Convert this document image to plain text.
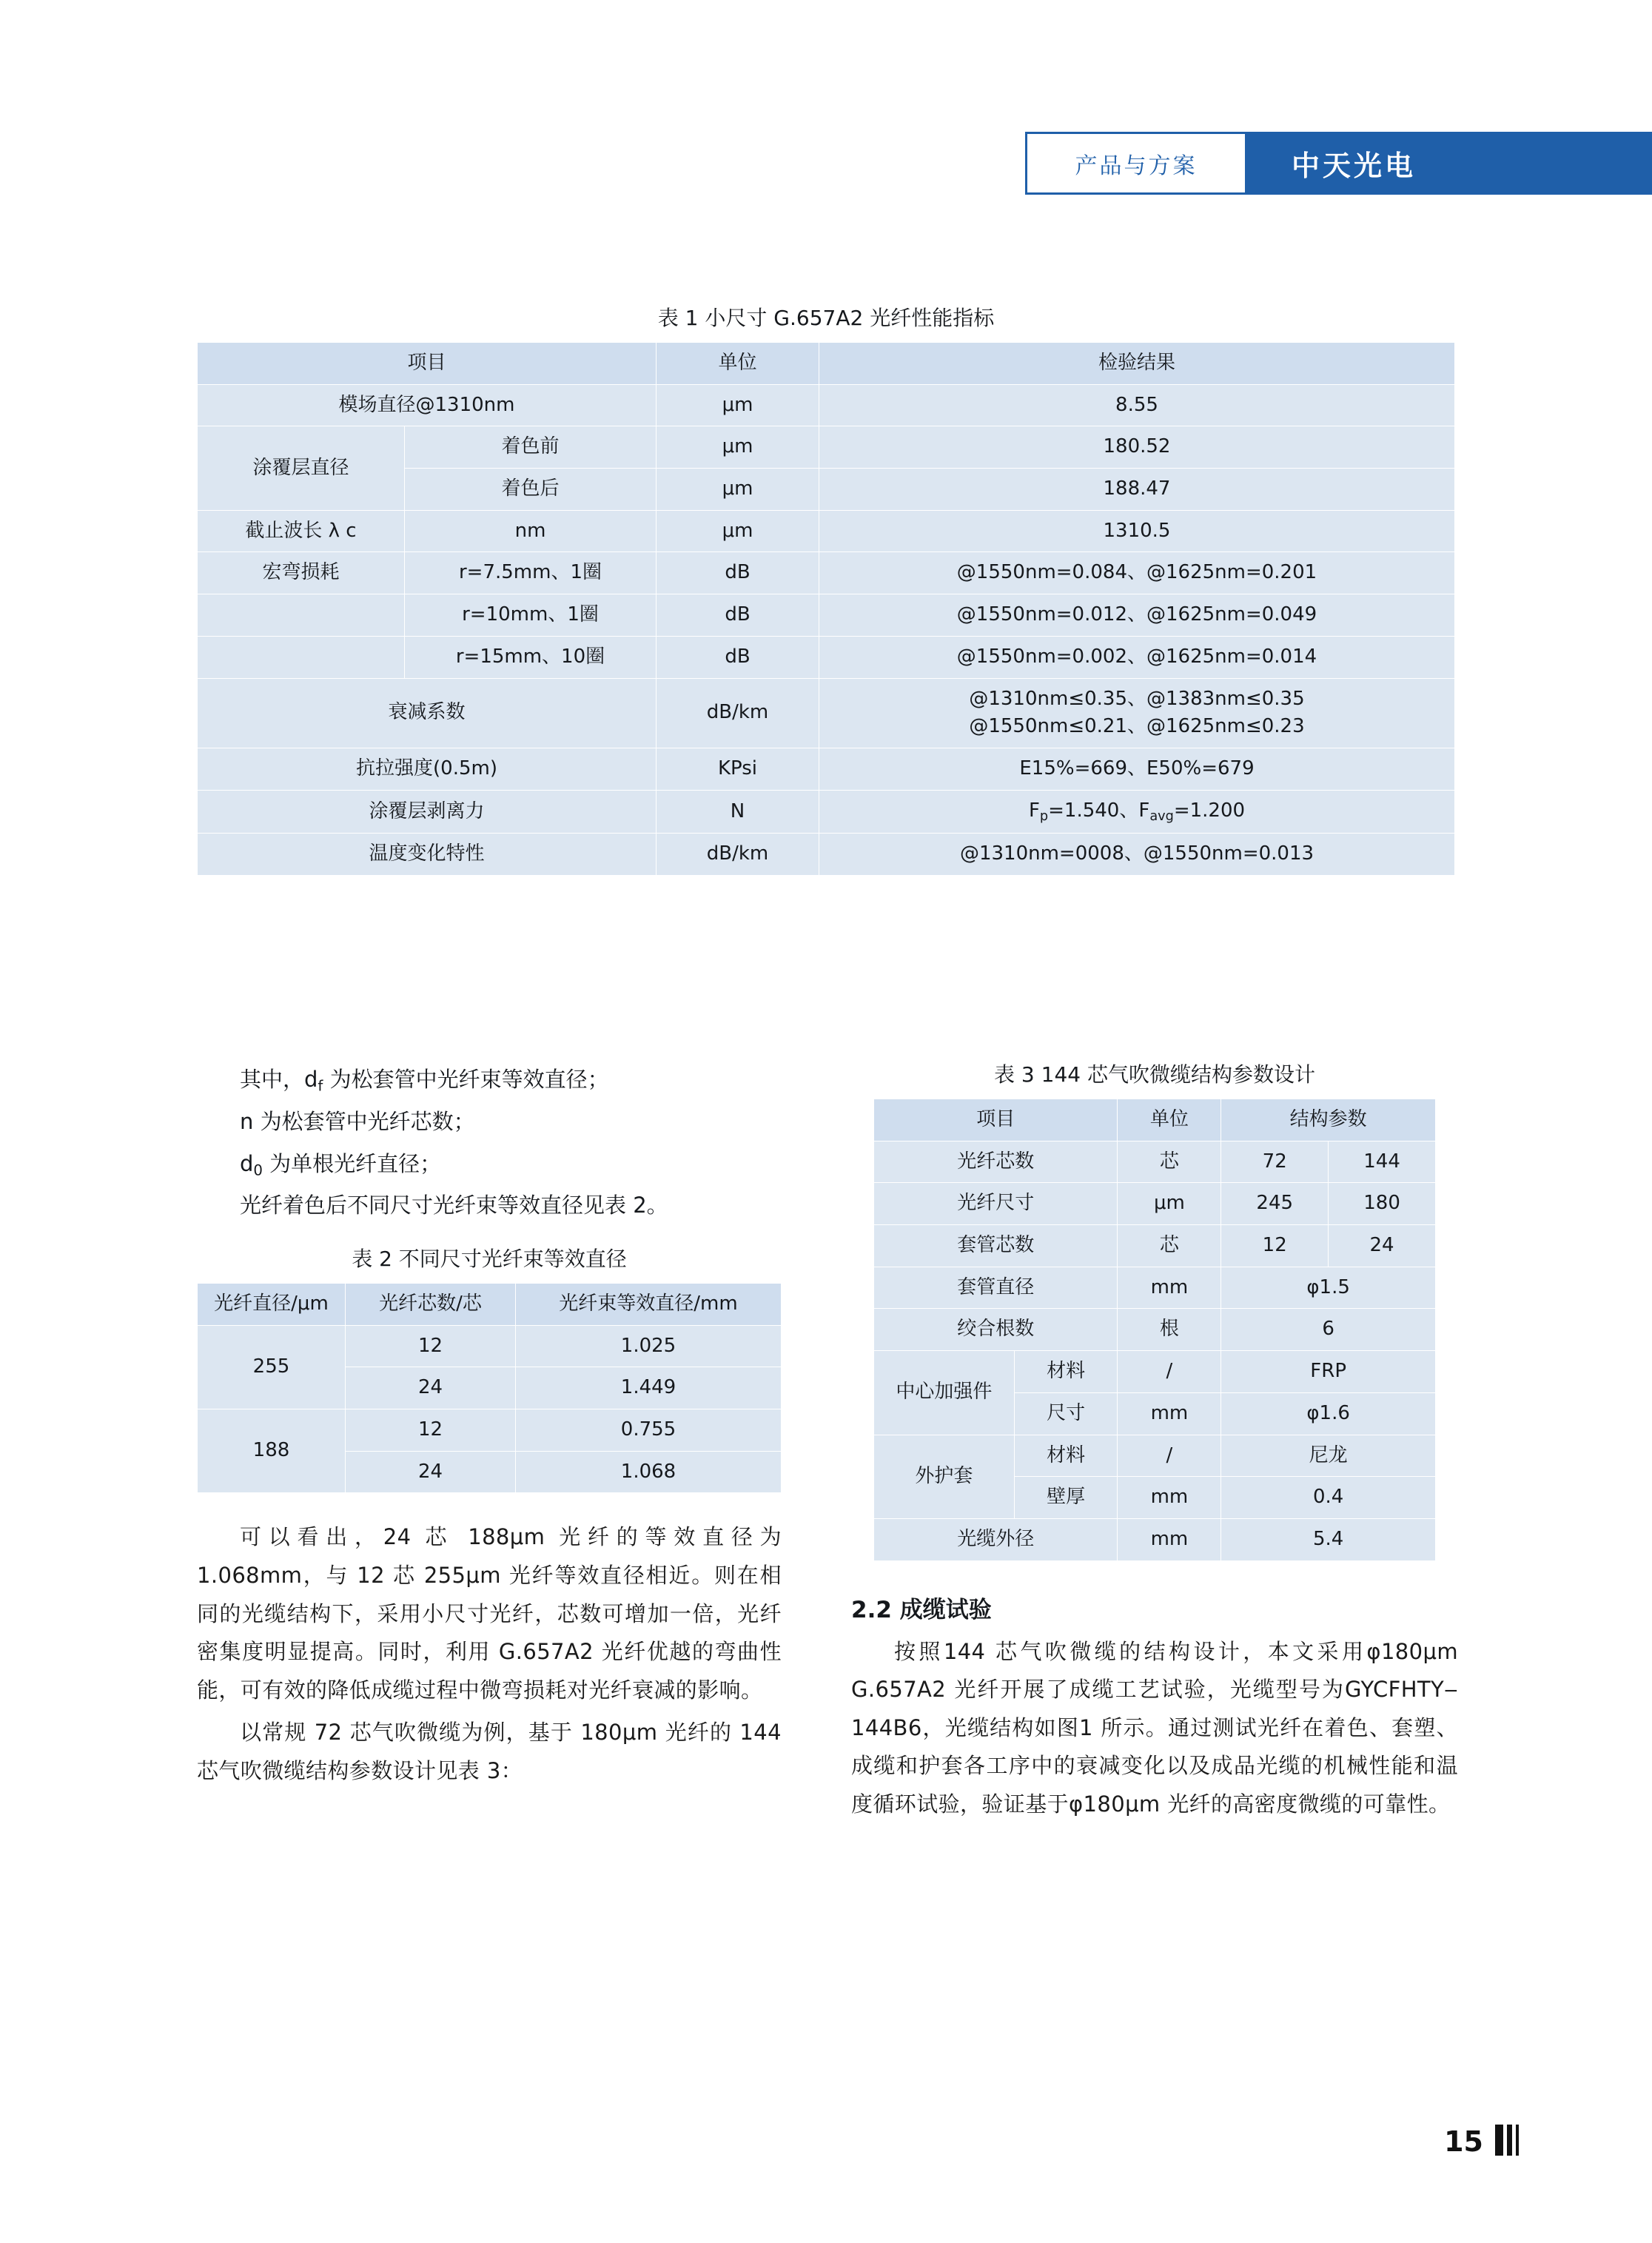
产品与方案	中天光电
表 1 小尺寸 G.657A2 光纤性能指标
项目		单位	检验结果
模场直径@1310nm		μm	8.55
涂覆层直径	着色前	μm	180.52
	着色后	μm	188.47
截止波长 λ c	nm	μm	1310.5
宏弯损耗	r=7.5mm、1圈	dB	@1550nm=0.084、@1625nm=0.201
	r=10mm、1圈	dB	@1550nm=0.012、@1625nm=0.049
	r=15mm、10圈	dB	@1550nm=0.002、@1625nm=0.014
衰减系数		dB/km	@1310nm≤0.35、@1383nm≤0.35
@1550nm≤0.21、@1625nm≤0.23

抗拉强度(0.5m)		KPsi	E15%=669、E50%=679
涂覆层剥离力		N	$F_p=1.540$、$F_{avg}=1.200$
温度变化特性		dB/km	@1310nm=0008、@1550nm=0.013
其中，$d_f$ 为松套管中光纤束等效直径；
n 为松套管中光纤芯数；
$d_0$ 为单根光纤直径；
光纤着色后不同尺寸光纤束等效直径见表 2。
表 2 不同尺寸光纤束等效直径
光纤直径/μm	光纤芯数/芯	光纤束等效直径/mm
255	12	1.025
	24	1.449
188	12	0.755
	24	1.068

可以看出，24 芯 188μm 光纤的等效直径为 1.068mm，与 12 芯 255μm 光纤等效直径相近。则在相同的光缆结构下，采用小尺寸光纤，芯数可增加一倍，光纤密集度明显提高。同时，利用 G.657A2 光纤优越的弯曲性能，可有效的降低成缆过程中微弯损耗对光纤衰减的影响。

以常规 72 芯气吹微缆为例，基于 180μm 光纤的 144 芯气吹微缆结构参数设计见表 3：

表 3 144 芯气吹微缆结构参数设计
项目		单位	结构参数	
光纤芯数		芯	72	144
光纤尺寸		μm	245	180
套管芯数		芯	12	24
套管直径		mm	φ1.5	
绞合根数		根	6	
中心加强件	材料	/	FRP	
	尺寸	mm	φ1.6	
外护套	材料	/	尼龙	
	壁厚	mm	0.4	
光缆外径		mm	5.4	
2.2 成缆试验

按照144 芯气吹微缆的结构设计，本文采用φ180μm G.657A2 光纤开展了成缆工艺试验，光缆型号为GYCFHTY‒144B6，光缆结构如图1 所示。通过测试光纤在着色、套塑、成缆和护套各工序中的衰减变化以及成品光缆的机械性能和温度循环试验，验证基于φ180μm 光纤的高密度微缆的可靠性。

15
